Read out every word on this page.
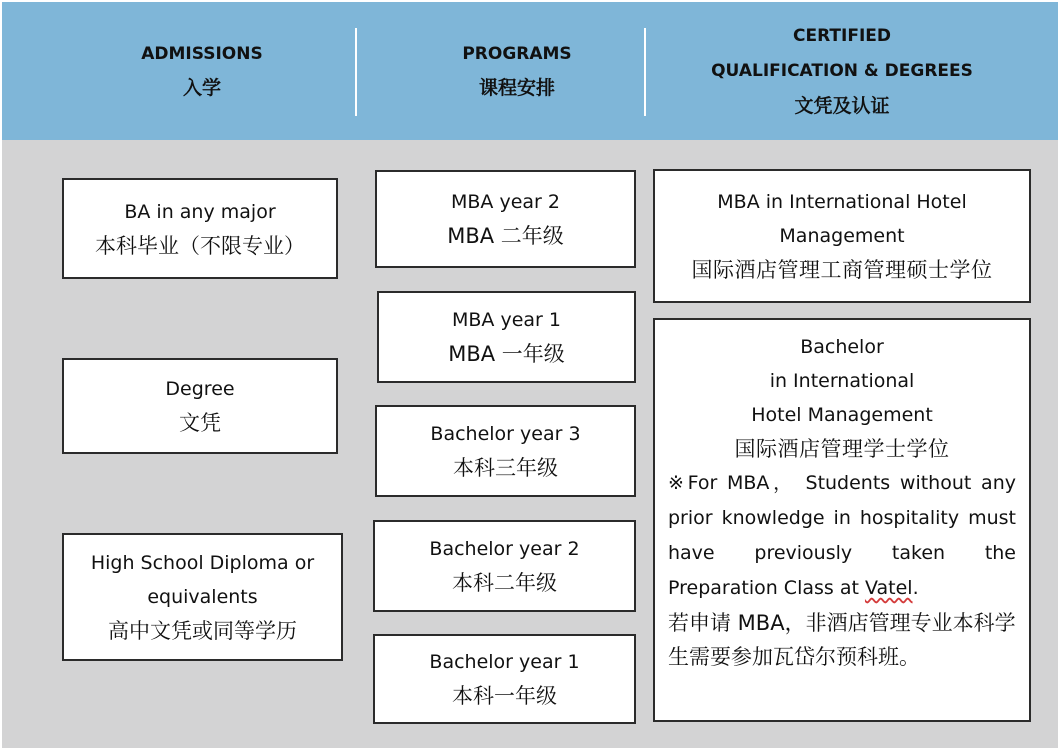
ADMISSIONS
入学
PROGRAMS
课程安排
CERTIFIED
QUALIFICATION & DEGREES
文凭及认证
BA in any major
本科毕业（不限专业）
Degree
文凭
High School Diploma or
equivalents
高中文凭或同等学历
MBA year 2
MBA 二年级
MBA year 1
MBA 一年级
Bachelor year 3
本科三年级
Bachelor year 2
本科二年级
Bachelor year 1
本科一年级
MBA in International Hotel
Management
国际酒店管理工商管理硕士学位
Bachelor
in International
Hotel Management
国际酒店管理学士学位
※For MBA， Students without any prior knowledge in hospitality must have previously taken the Preparation Class at Vatel.
若申请 MBA，非酒店管理专业本科学生需要参加瓦岱尔预科班。
